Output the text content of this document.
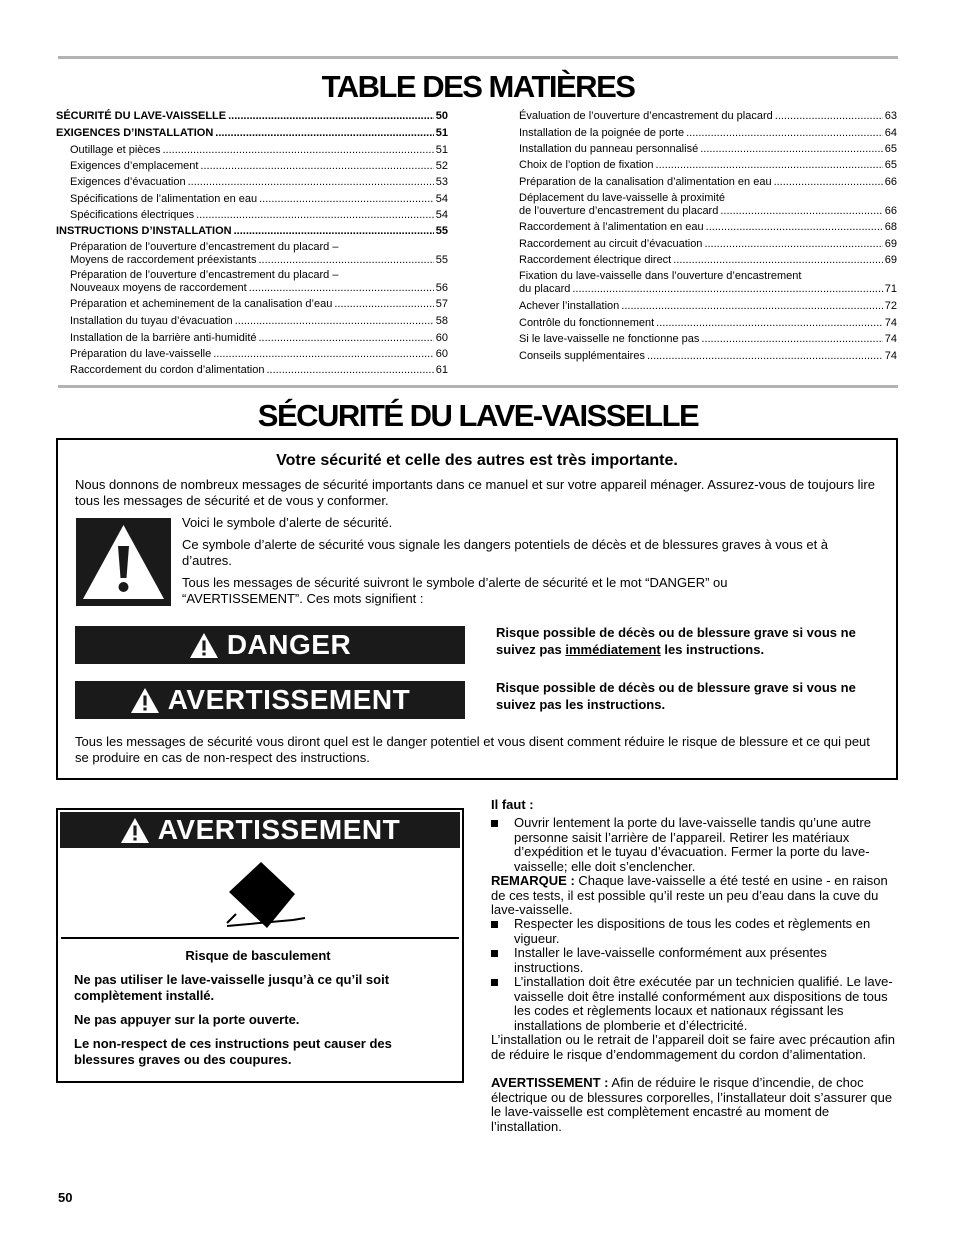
TABLE DES MATIÈRES
SÉCURITÉ DU LAVE-VAISSELLE .....	50
EXIGENCES D’INSTALLATION .....	51
Outillage et pièces .....	51
Exigences d’emplacement .....	52
Exigences d’évacuation .....	53
Spécifications de l’alimentation en eau .....	54
Spécifications électriques .....	54
INSTRUCTIONS D’INSTALLATION .....	55
Préparation de l’ouverture d’encastrement du placard –
Moyens de raccordement préexistants .....	55
Préparation de l’ouverture d’encastrement du placard –
Nouveaux moyens de raccordement .....	56
Préparation et acheminement de la canalisation d’eau .....	57
Installation du tuyau d’évacuation .....	58
Installation de la barrière anti-humidité .....	60
Préparation du lave-vaisselle .....	60
Raccordement du cordon d’alimentation .....	61
Évaluation de l’ouverture d’encastrement du placard .....	63
Installation de la poignée de porte .....	64
Installation du panneau personnalisé .....	65
Choix de l’option de fixation .....	65
Préparation de la canalisation d’alimentation en eau .....	66
Déplacement du lave-vaisselle à proximité
de l’ouverture d’encastrement du placard .....	66
Raccordement à l’alimentation en eau .....	68
Raccordement au circuit d’évacuation .....	69
Raccordement électrique direct .....	69
Fixation du lave-vaisselle dans l’ouverture d’encastrement
du placard .....	71
Achever l’installation .....	72
Contrôle du fonctionnement .....	74
Si le lave-vaisselle ne fonctionne pas .....	74
Conseils supplémentaires .....	74
SÉCURITÉ DU LAVE-VAISSELLE
Votre sécurité et celle des autres est très importante.
Nous donnons de nombreux messages de sécurité importants dans ce manuel et sur votre appareil ménager. Assurez-vous de toujours lire tous les messages de sécurité et de vous y conformer.
Voici le symbole d’alerte de sécurité.
Ce symbole d’alerte de sécurité vous signale les dangers potentiels de décès et de blessures graves à vous et à d’autres.
Tous les messages de sécurité suivront le symbole d’alerte de sécurité et le mot “DANGER” ou “AVERTISSEMENT”. Ces mots signifient :
DANGER	Risque possible de décès ou de blessure grave si vous ne suivez pas immédiatement les instructions.
AVERTISSEMENT	Risque possible de décès ou de blessure grave si vous ne suivez pas les instructions.
Tous les messages de sécurité vous diront quel est le danger potentiel et vous disent comment réduire le risque de blessure et ce qui peut se produire en cas de non-respect des instructions.
AVERTISSEMENT
Risque de basculement
Ne pas utiliser le lave-vaisselle jusqu’à ce qu’il soit complètement installé.
Ne pas appuyer sur la porte ouverte.
Le non-respect de ces instructions peut causer des blessures graves ou des coupures.
Il faut :
Ouvrir lentement la porte du lave-vaisselle tandis qu’une autre personne saisit l’arrière de l’appareil. Retirer les matériaux d’expédition et le tuyau d’évacuation. Fermer la porte du lave-vaisselle; elle doit s’enclencher.
REMARQUE : Chaque lave-vaisselle a été testé en usine - en raison de ces tests, il est possible qu’il reste un peu d’eau dans la cuve du lave-vaisselle.
Respecter les dispositions de tous les codes et règlements en vigueur.
Installer le lave-vaisselle conformément aux présentes instructions.
L’installation doit être exécutée par un technicien qualifié. Le lave-vaisselle doit être installé conformément aux dispositions de tous les codes et règlements locaux et nationaux régissant les installations de plomberie et d’électricité.
L’installation ou le retrait de l’appareil doit se faire avec précaution afin de réduire le risque d’endommagement du cordon d’alimentation.
AVERTISSEMENT : Afin de réduire le risque d’incendie, de choc électrique ou de blessures corporelles, l’installateur doit s’assurer que le lave-vaisselle est complètement encastré au moment de l’installation.
50
